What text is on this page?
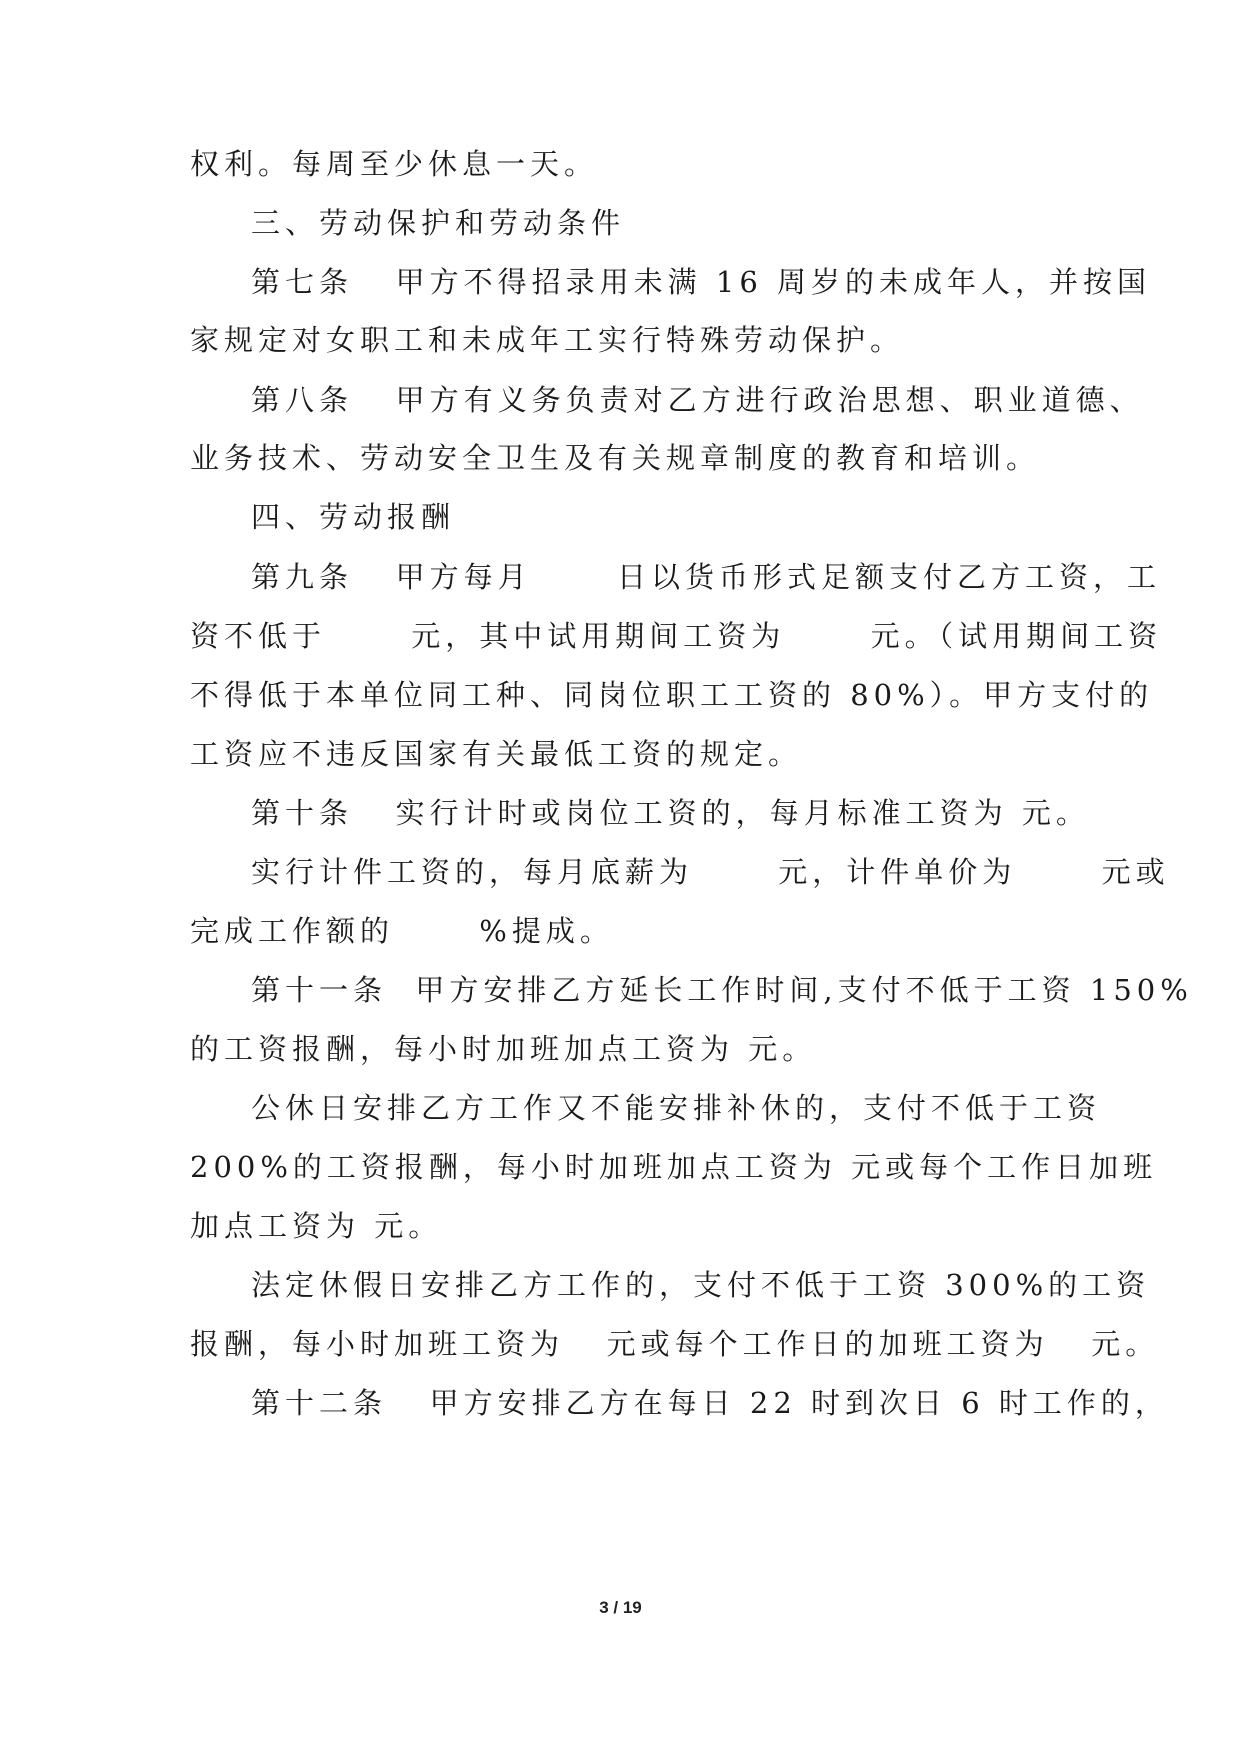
权利。每周至少休息一天。
三、劳动保护和劳动条件
第七条   甲方不得招录用未满 16 周岁的未成年人，并按国
家规定对女职工和未成年工实行特殊劳动保护。
第八条   甲方有义务负责对乙方进行政治思想、职业道德、
业务技术、劳动安全卫生及有关规章制度的教育和培训。
四、劳动报酬
第九条   甲方每月      日以货币形式足额支付乙方工资，工
资不低于      元，其中试用期间工资为      元。（试用期间工资
不得低于本单位同工种、同岗位职工工资的 80%）。甲方支付的
工资应不违反国家有关最低工资的规定。
第十条   实行计时或岗位工资的，每月标准工资为 元。
实行计件工资的，每月底薪为      元，计件单价为      元或
完成工作额的      %提成。
第十一条  甲方安排乙方延长工作时间,支付不低于工资 150%
的工资报酬，每小时加班加点工资为 元。
公休日安排乙方工作又不能安排补休的，支付不低于工资
200%的工资报酬，每小时加班加点工资为 元或每个工作日加班
加点工资为 元。
法定休假日安排乙方工作的，支付不低于工资 300%的工资
报酬，每小时加班工资为   元或每个工作日的加班工资为   元。
第十二条   甲方安排乙方在每日 22 时到次日 6 时工作的，
3 / 19
